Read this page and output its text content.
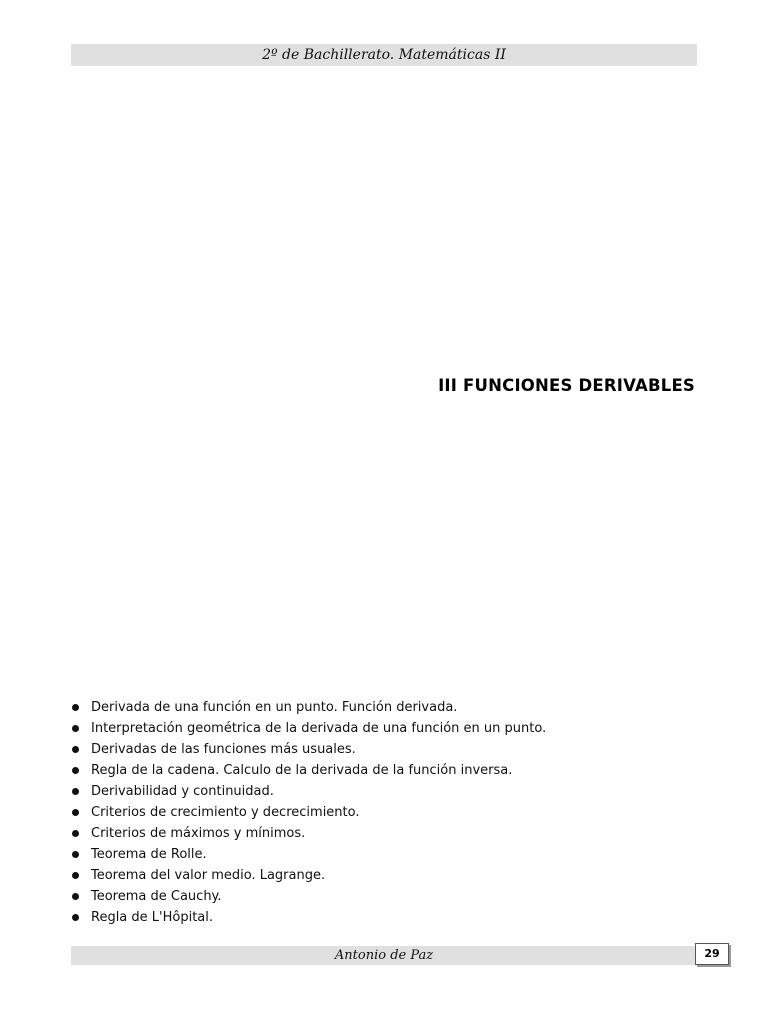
2º de Bachillerato. Matemáticas II
III FUNCIONES DERIVABLES
Derivada de una función en un punto. Función derivada.
Interpretación geométrica de la derivada de una función en un punto.
Derivadas de las funciones más usuales.
Regla de la cadena. Calculo de la derivada de la función inversa.
Derivabilidad y continuidad.
Criterios de crecimiento y decrecimiento.
Criterios de máximos y mínimos.
Teorema de Rolle.
Teorema del valor medio. Lagrange.
Teorema de Cauchy.
Regla de L'Hôpital.
Antonio de Paz	29
